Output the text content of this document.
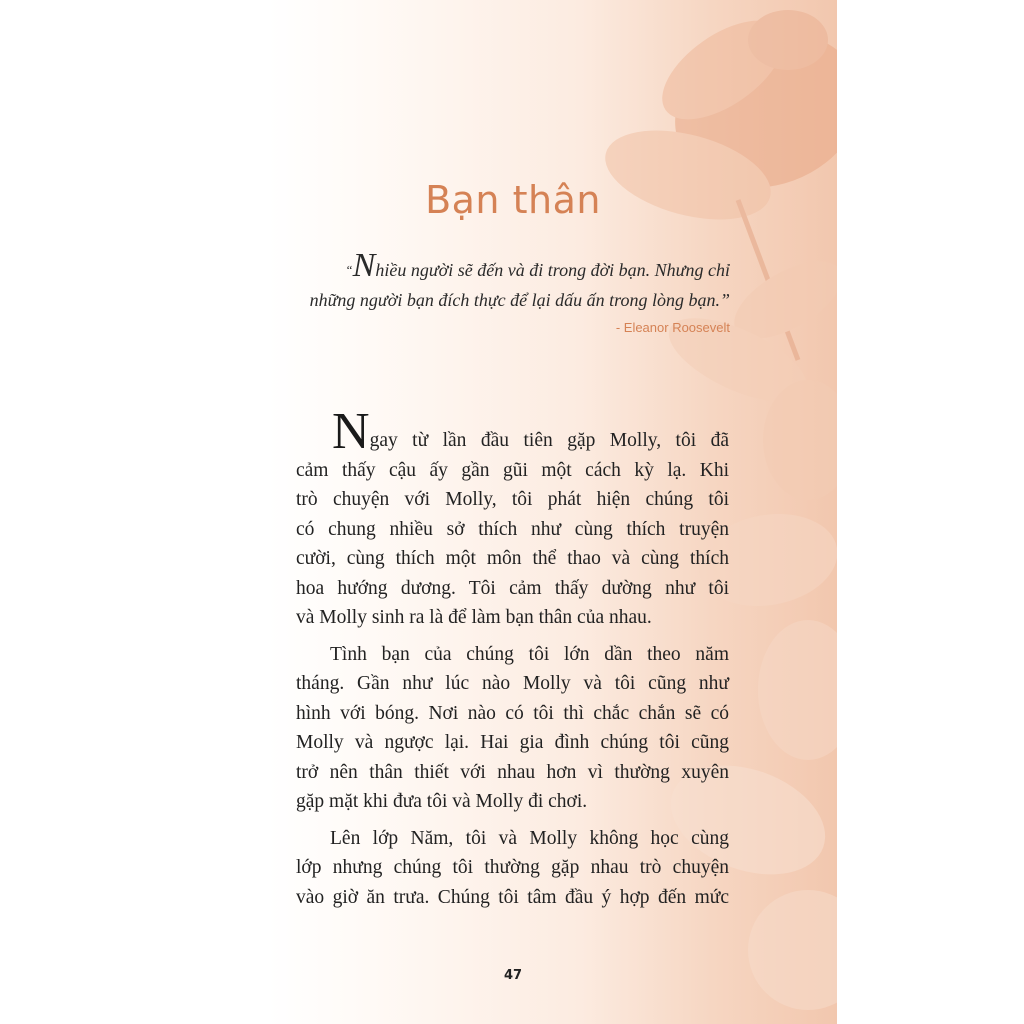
Bạn thân
“Nhiều người sẽ đến và đi trong đời bạn. Nhưng chỉ
những người bạn đích thực để lại dấu ấn trong lòng bạn.”
- Eleanor Roosevelt

Ngay từ lần đầu tiên gặp Molly, tôi đã
cảm thấy cậu ấy gần gũi một cách kỳ lạ. Khi
trò chuyện với Molly, tôi phát hiện chúng tôi
có chung nhiều sở thích như cùng thích truyện
cười, cùng thích một môn thể thao và cùng thích
hoa hướng dương. Tôi cảm thấy dường như tôi
và Molly sinh ra là để làm bạn thân của nhau.

Tình bạn của chúng tôi lớn dần theo năm
tháng. Gần như lúc nào Molly và tôi cũng như
hình với bóng. Nơi nào có tôi thì chắc chắn sẽ có
Molly và ngược lại. Hai gia đình chúng tôi cũng
trở nên thân thiết với nhau hơn vì thường xuyên
gặp mặt khi đưa tôi và Molly đi chơi.

Lên lớp Năm, tôi và Molly không học cùng
lớp nhưng chúng tôi thường gặp nhau trò chuyện
vào giờ ăn trưa. Chúng tôi tâm đầu ý hợp đến mức

47
